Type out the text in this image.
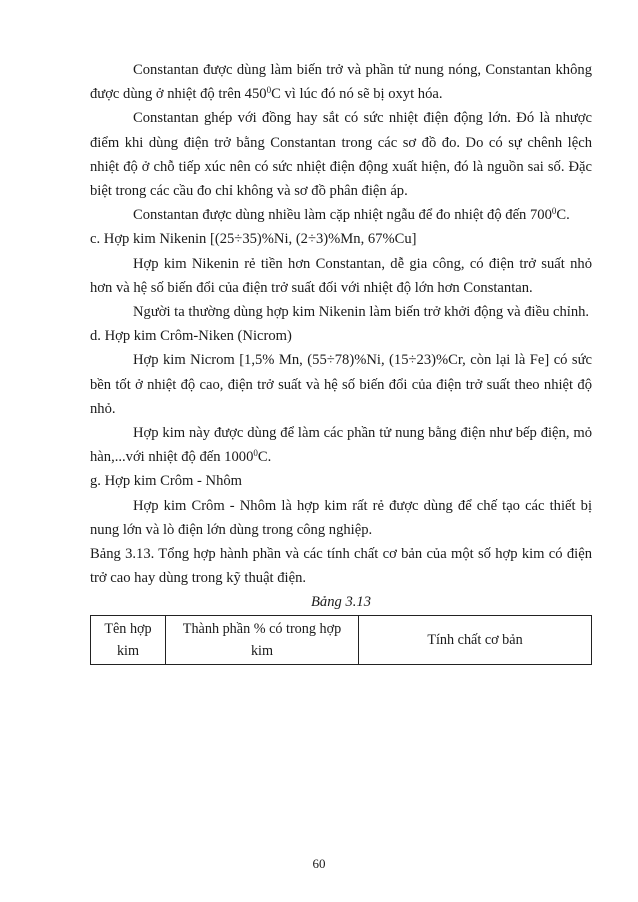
Constantan được dùng làm biến trở và phần tử nung nóng, Constantan không được dùng ở nhiệt độ trên $450^0C$ vì lúc đó nó sẽ bị oxyt hóa.

Constantan ghép với đồng hay sắt có sức nhiệt điện động lớn. Đó là nhược điểm khi dùng điện trở bằng Constantan trong các sơ đồ đo. Do có sự chênh lệch nhiệt độ ở chỗ tiếp xúc nên có sức nhiệt điện động xuất hiện, đó là nguồn sai số. Đặc biệt trong các cầu đo chỉ không và sơ đồ phân điện áp.

Constantan được dùng nhiều làm cặp nhiệt ngẫu để đo nhiệt độ đến $700^0C$.

c. Hợp kim Nikenin [(25÷35)%Ni, (2÷3)%Mn, 67%Cu]

Hợp kim Nikenin rẻ tiền hơn Constantan, dễ gia công, có điện trở suất nhỏ hơn và hệ số biến đổi của điện trở suất đối với nhiệt độ lớn hơn Constantan.

Người ta thường dùng hợp kim Nikenin làm biến trở khởi động và điều chỉnh.

d. Hợp kim Crôm-Niken (Nicrom)

Hợp kim Nicrom [1,5% Mn, (55÷78)%Ni, (15÷23)%Cr, còn lại là Fe] có sức bền tốt ở nhiệt độ cao, điện trở suất và hệ số biến đổi của điện trở suất theo nhiệt độ nhỏ.

Hợp kim này được dùng để làm các phần tử nung bằng điện như bếp điện, mỏ hàn,...với nhiệt độ đến 1000$^0$C.

g. Hợp kim Crôm - Nhôm

Hợp kim Crôm - Nhôm là hợp kim rất rẻ được dùng để chế tạo các thiết bị nung lớn và lò điện lớn dùng trong công nghiệp.

Bảng 3.13. Tổng hợp hành phần và các tính chất cơ bản của một số hợp kim có điện trở cao hay dùng trong kỹ thuật điện.

Bảng 3.13

Tên hợp kim	Thành phần % có trong hợp kim	Tính chất cơ bản
60
